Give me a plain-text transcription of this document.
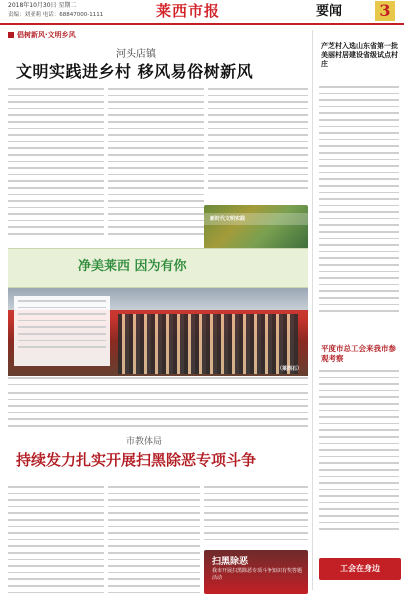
2018年10月30日 星期二
责编：刘亚莉 电话：68847000-1111	莱西市报	要闻 3
倡树新风·文明乡风
河头店镇
文明实践进乡村 移风易俗树新风
新时代文明实践
净美莱西 因为有你
（莱西石）
市教体局
持续发力扎实开展扫黑除恶专项斗争
扫黑除恶
我市开展扫黑除恶专项斗争知识有奖答题活动
产芝村入选山东省第一批美丽村居建设省级试点村庄
平度市总工会来我市参观考察
工会在身边
